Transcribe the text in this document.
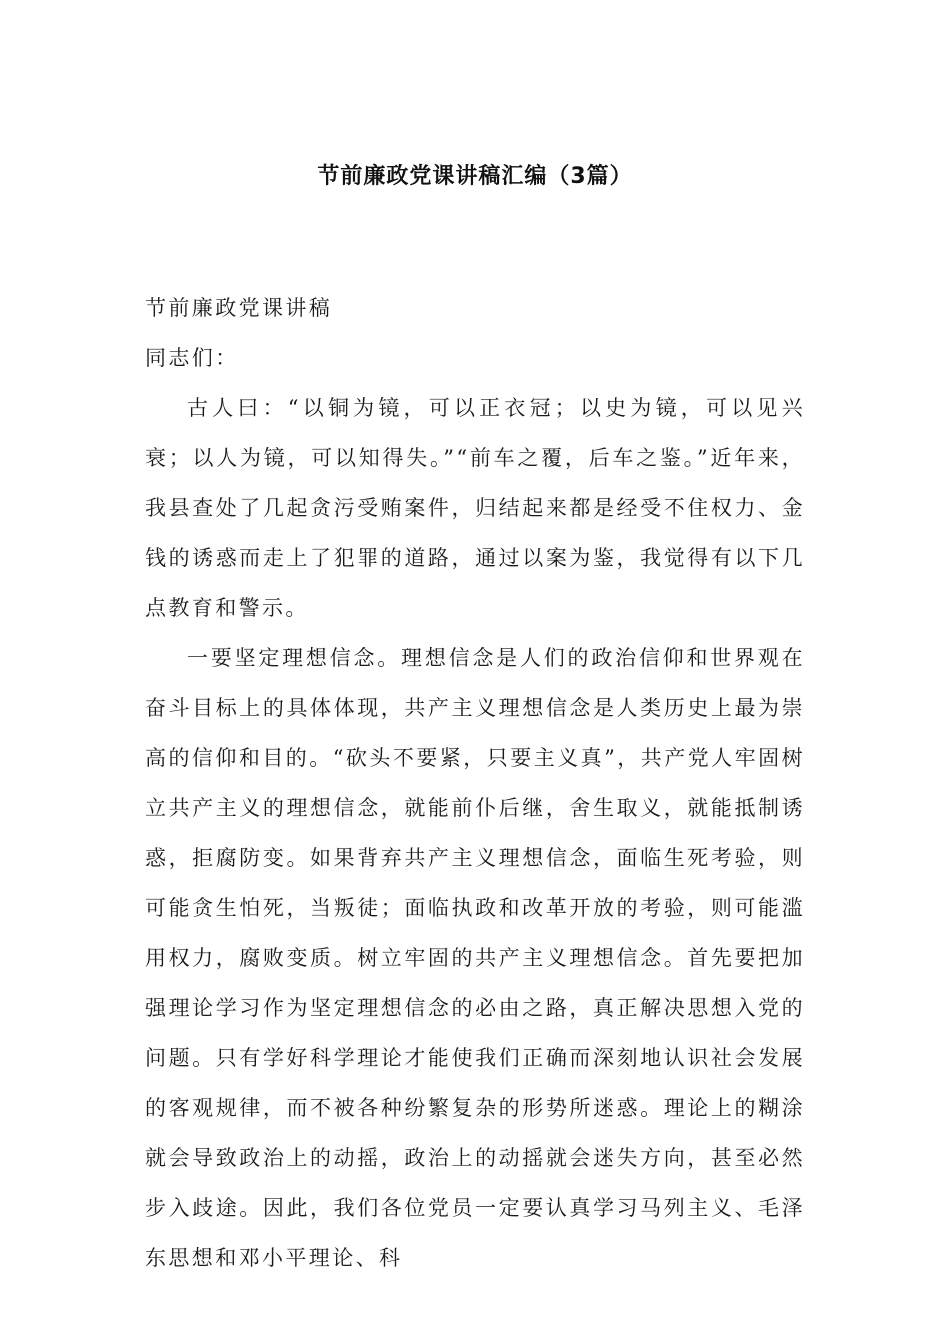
节前廉政党课讲稿汇编（3篇）

节前廉政党课讲稿

同志们：

古人曰：“以铜为镜，可以正衣冠；以史为镜，可以见兴衰；以人为镜，可以知得失。”“前车之覆，后车之鉴。”近年来，我县查处了几起贪污受贿案件，归结起来都是经受不住权力、金钱的诱惑而走上了犯罪的道路，通过以案为鉴，我觉得有以下几点教育和警示。

一要坚定理想信念。理想信念是人们的政治信仰和世界观在奋斗目标上的具体体现，共产主义理想信念是人类历史上最为崇高的信仰和目的。“砍头不要紧，只要主义真”，共产党人牢固树立共产主义的理想信念，就能前仆后继，舍生取义，就能抵制诱惑，拒腐防变。如果背弃共产主义理想信念，面临生死考验，则可能贪生怕死，当叛徒；面临执政和改革开放的考验，则可能滥用权力，腐败变质。树立牢固的共产主义理想信念。首先要把加强理论学习作为坚定理想信念的必由之路，真正解决思想入党的问题。只有学好科学理论才能使我们正确而深刻地认识社会发展的客观规律，而不被各种纷繁复杂的形势所迷惑。理论上的糊涂就会导致政治上的动摇，政治上的动摇就会迷失方向，甚至必然步入歧途。因此，我们各位党员一定要认真学习马列主义、毛泽东思想和邓小平理论、科
